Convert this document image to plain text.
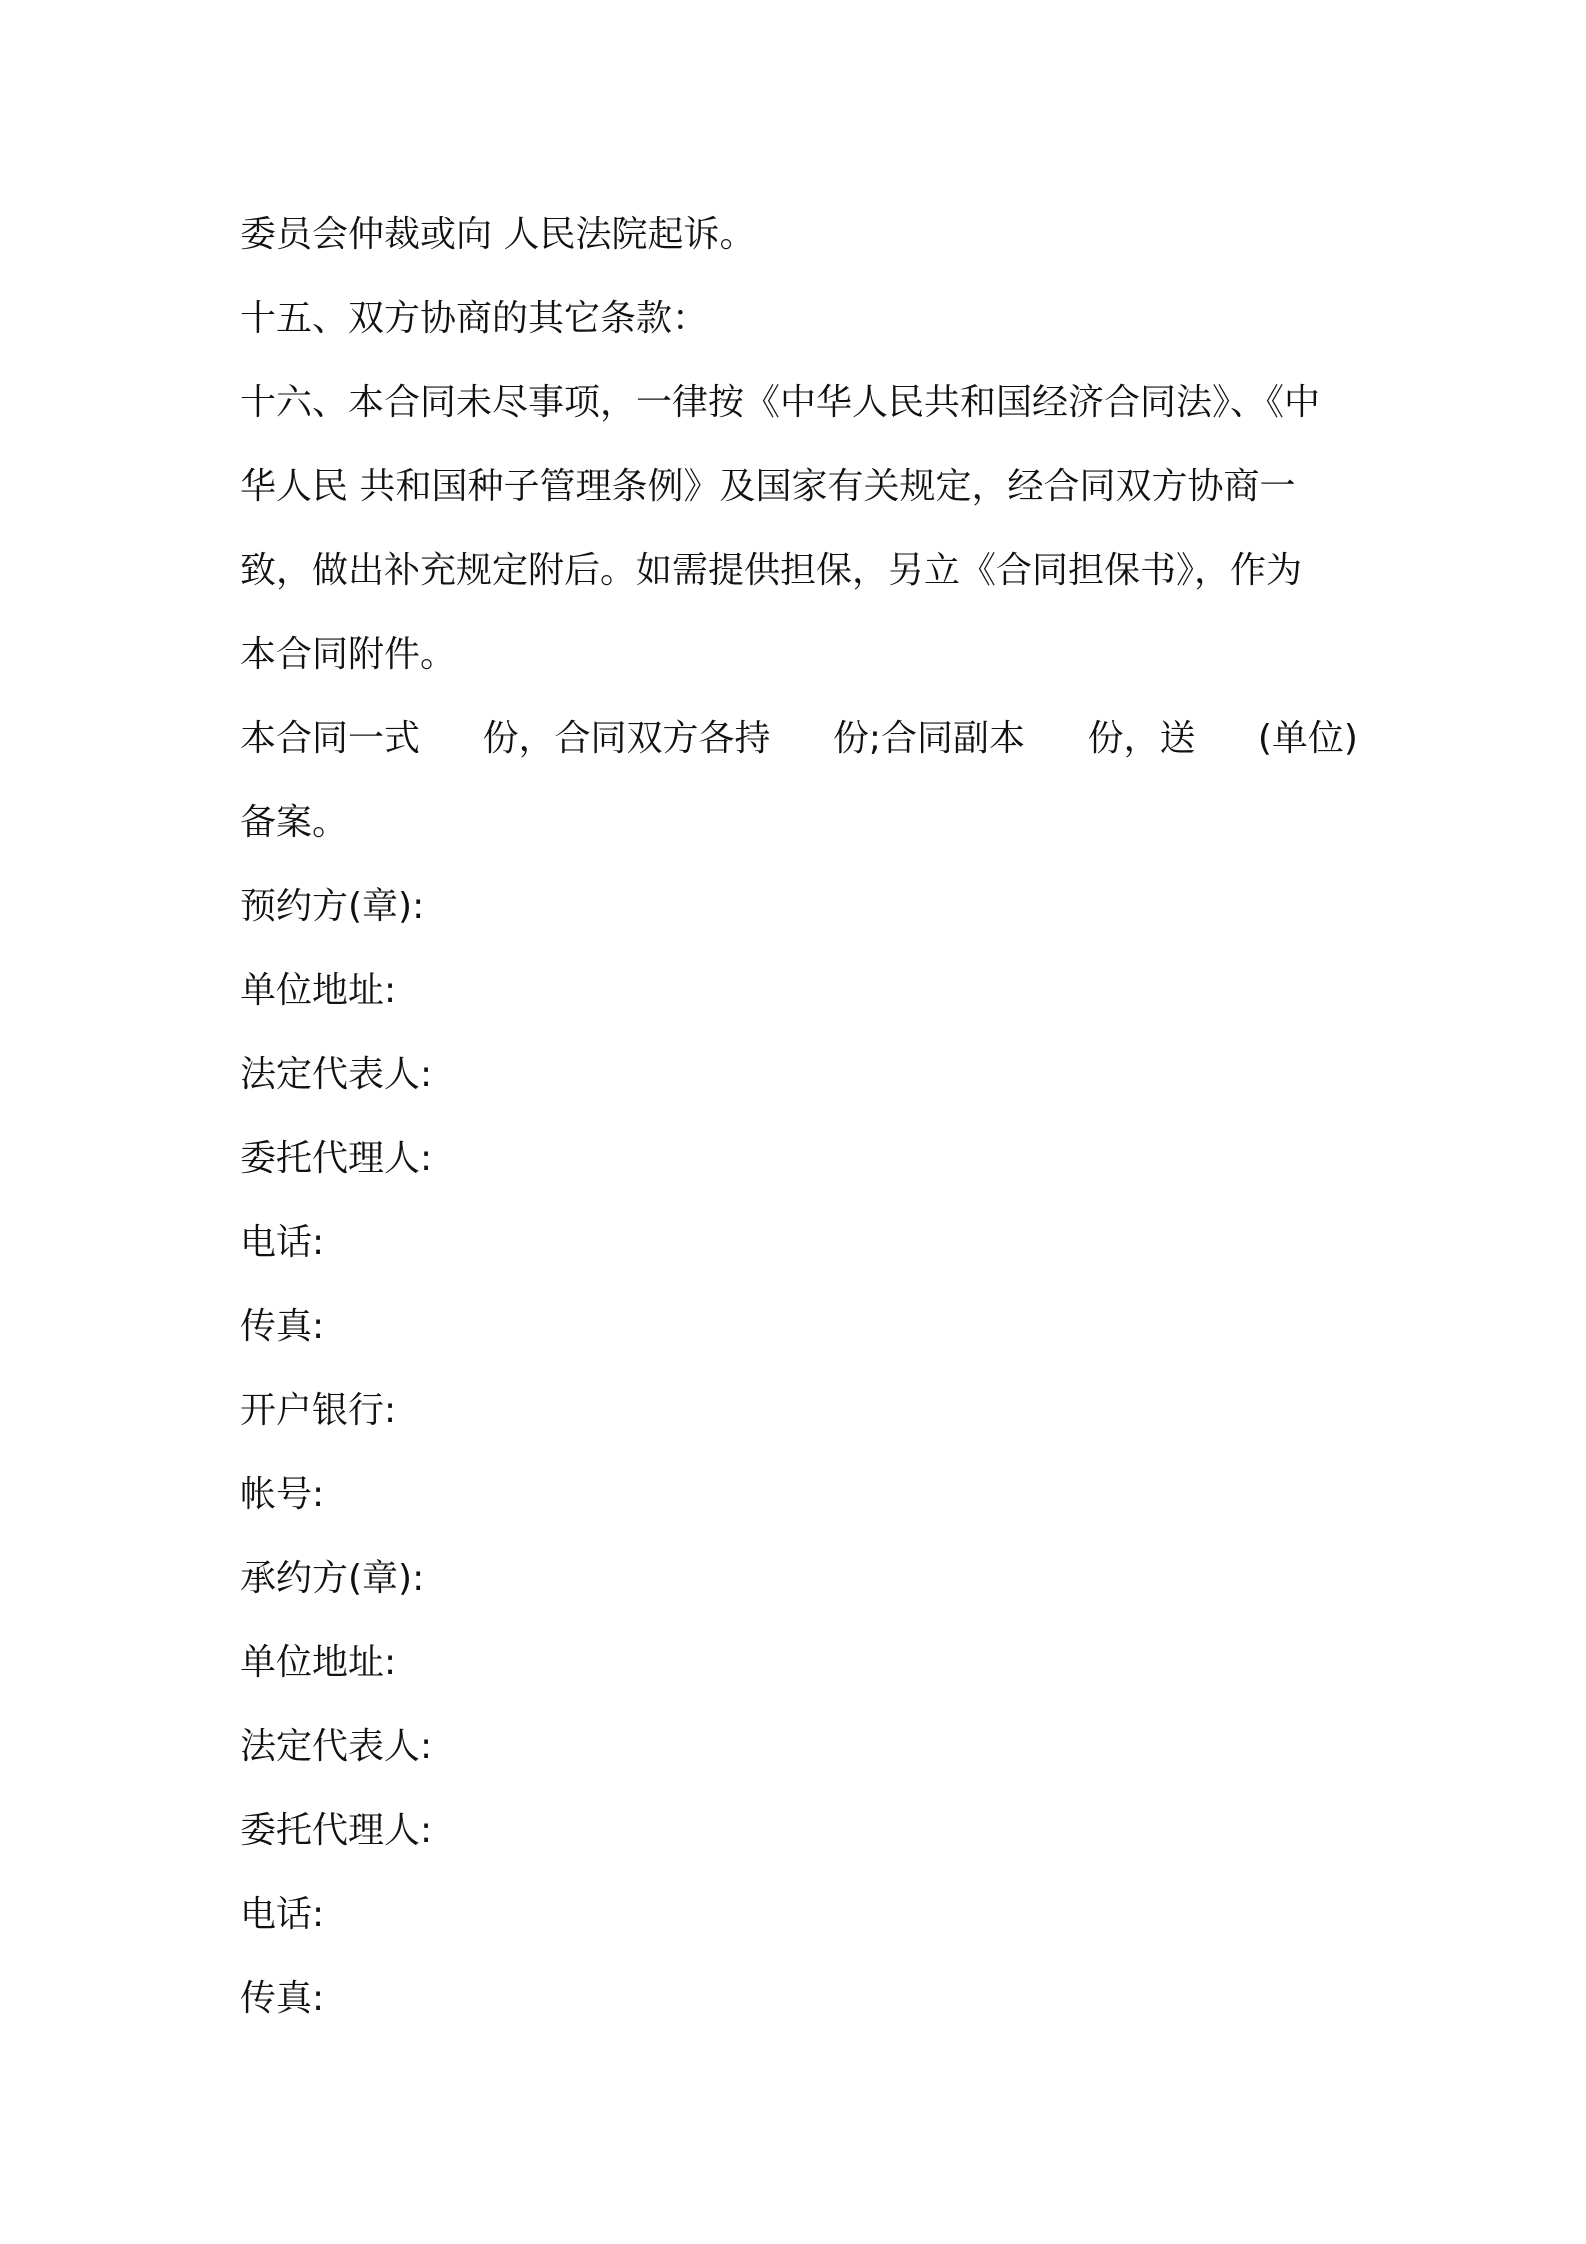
委员会仲裁或向 人民法院起诉。
十五、双方协商的其它条款：
十六、本合同未尽事项，一律按《中华人民共和国经济合同法》、《中
华人民 共和国种子管理条例》及国家有关规定，经合同双方协商一
致，做出补充规定附后。如需提供担保，另立《合同担保书》，作为
本合同附件。
本合同一式 份，合同双方各持 份;合同副本 份，送 (单位)
备案。
预约方(章):
单位地址:
法定代表人:
委托代理人:
电话:
传真:
开户银行:
帐号:
承约方(章):
单位地址:
法定代表人:
委托代理人:
电话:
传真:
